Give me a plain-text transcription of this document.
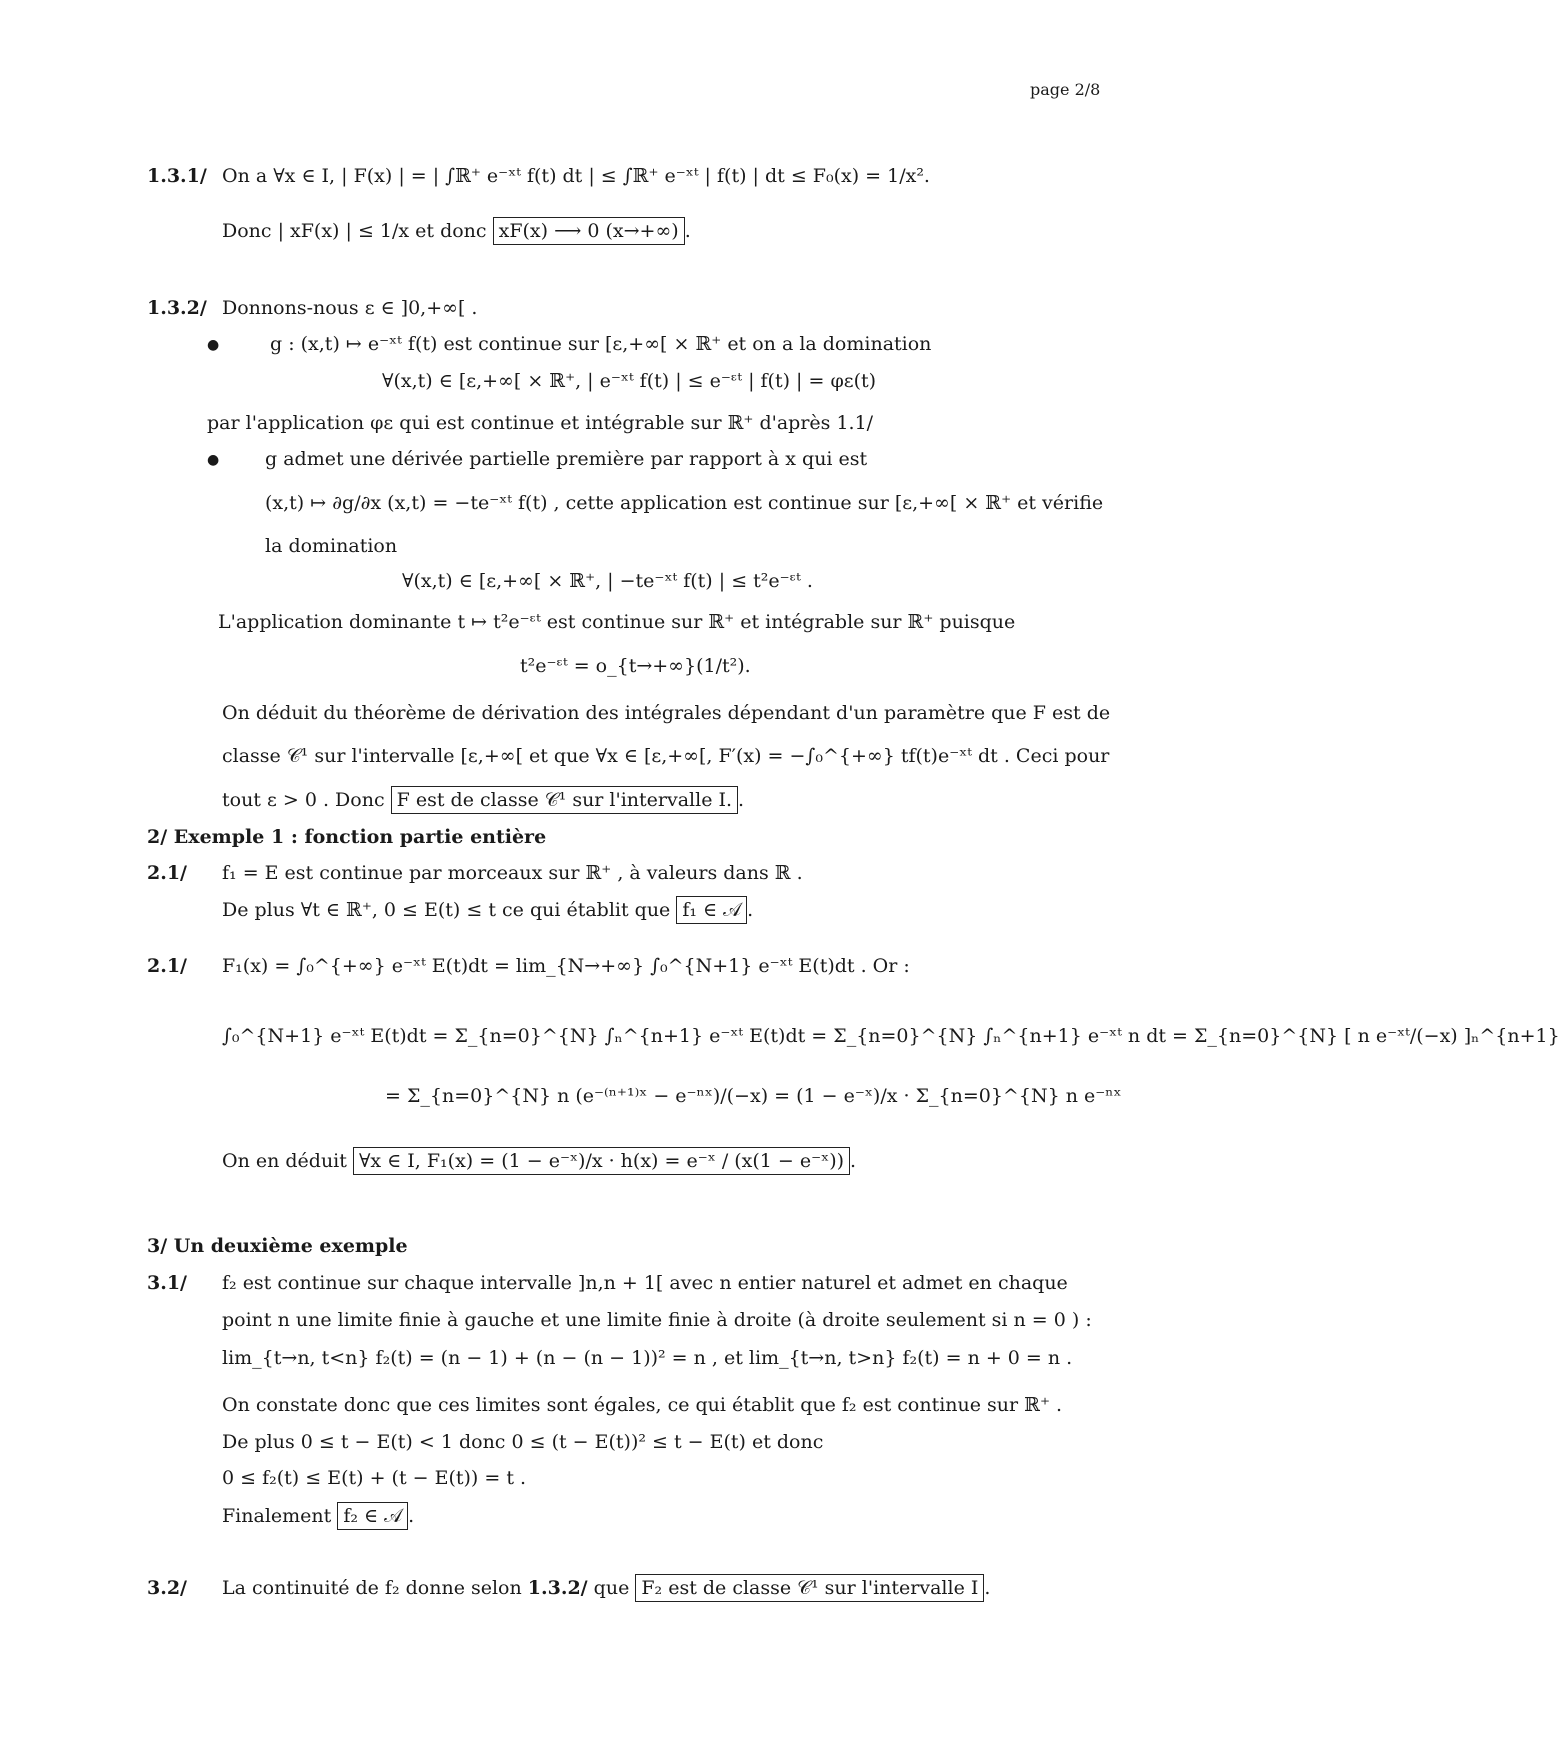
page 2/8
1.3.1/ On a ∀x ∈ I, | F(x) | = | ∫ℝ⁺ e⁻ˣᵗ f(t) dt | ≤ ∫ℝ⁺ e⁻ˣᵗ | f(t) | dt ≤ F₀(x) = 1/x².
Donc | xF(x) | ≤ 1/x et donc xF(x) ⟶ 0 (x→+∞) .
1.3.2/ Donnons-nous ε ∈ ]0,+∞[ .
●	g : (x,t) ↦ e⁻ˣᵗ f(t) est continue sur [ε,+∞[ × ℝ⁺ et on a la domination
∀(x,t) ∈ [ε,+∞[ × ℝ⁺, | e⁻ˣᵗ f(t) | ≤ e⁻ᵋᵗ | f(t) | = φε(t)
par l'application φε qui est continue et intégrable sur ℝ⁺ d'après 1.1/
● g admet une dérivée partielle première par rapport à x qui est
(x,t) ↦ ∂g/∂x (x,t) = −te⁻ˣᵗ f(t) , cette application est continue sur [ε,+∞[ × ℝ⁺ et vérifie
la domination
∀(x,t) ∈ [ε,+∞[ × ℝ⁺, | −te⁻ˣᵗ f(t) | ≤ t²e⁻ᵋᵗ .
L'application dominante t ↦ t²e⁻ᵋᵗ est continue sur ℝ⁺ et intégrable sur ℝ⁺ puisque
t²e⁻ᵋᵗ = o_{t→+∞}(1/t²).
On déduit du théorème de dérivation des intégrales dépendant d'un paramètre que F est de
classe 𝒞¹ sur l'intervalle [ε,+∞[ et que ∀x ∈ [ε,+∞[, F′(x) = −∫₀^{+∞} tf(t)e⁻ˣᵗ dt . Ceci pour
tout ε > 0 . Donc F est de classe 𝒞¹ sur l'intervalle I. .
2/ Exemple 1 : fonction partie entière
2.1/ f₁ = E est continue par morceaux sur ℝ⁺ , à valeurs dans ℝ .
De plus ∀t ∈ ℝ⁺, 0 ≤ E(t) ≤ t ce qui établit que f₁ ∈ 𝒜 .
2.1/ F₁(x) = ∫₀^{+∞} e⁻ˣᵗ E(t)dt = lim_{N→+∞} ∫₀^{N+1} e⁻ˣᵗ E(t)dt . Or :
∫₀^{N+1} e⁻ˣᵗ E(t)dt = Σ_{n=0}^{N} ∫ₙ^{n+1} e⁻ˣᵗ E(t)dt = Σ_{n=0}^{N} ∫ₙ^{n+1} e⁻ˣᵗ n dt = Σ_{n=0}^{N} [ n e⁻ˣᵗ/(−x) ]ₙ^{n+1}
= Σ_{n=0}^{N} n (e⁻⁽ⁿ⁺¹⁾ˣ − e⁻ⁿˣ)/(−x) = (1 − e⁻ˣ)/x · Σ_{n=0}^{N} n e⁻ⁿˣ
On en déduit ∀x ∈ I, F₁(x) = (1 − e⁻ˣ)/x · h(x) = e⁻ˣ / (x(1 − e⁻ˣ)) .
3/ Un deuxième exemple
3.1/ f₂ est continue sur chaque intervalle ]n,n + 1[ avec n entier naturel et admet en chaque
point n une limite finie à gauche et une limite finie à droite (à droite seulement si n = 0 ) :
lim_{t→n, t<n} f₂(t) = (n − 1) + (n − (n − 1))² = n , et lim_{t→n, t>n} f₂(t) = n + 0 = n .
On constate donc que ces limites sont égales, ce qui établit que f₂ est continue sur ℝ⁺ .
De plus 0 ≤ t − E(t) < 1 donc 0 ≤ (t − E(t))² ≤ t − E(t) et donc
0 ≤ f₂(t) ≤ E(t) + (t − E(t)) = t .
Finalement f₂ ∈ 𝒜 .
3.2/ La continuité de f₂ donne selon 1.3.2/ que F₂ est de classe 𝒞¹ sur l'intervalle I .
